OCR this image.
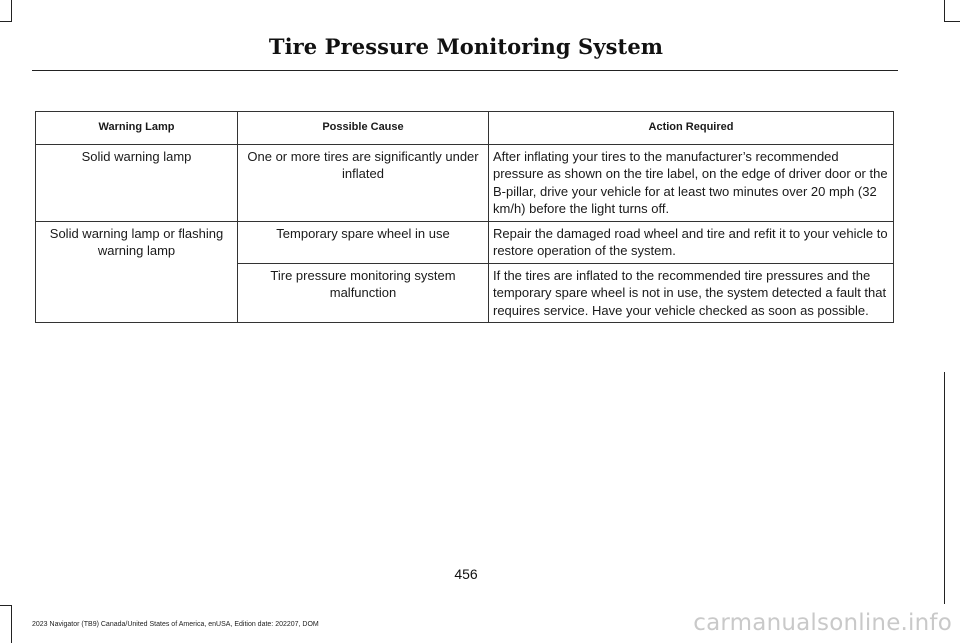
Tire Pressure Monitoring System
Warning Lamp	Possible Cause	Action Required
Solid warning lamp	One or more tires are significantly under inflated	After inflating your tires to the manufacturer’s recommended pressure as shown on the tire label, on the edge of driver door or the B-pillar, drive your vehicle for at least two minutes over 20 mph (32 km/h) before the light turns off.
Solid warning lamp or flashing warning lamp	Temporary spare wheel in use	Repair the damaged road wheel and tire and refit it to your vehicle to restore operation of the system.
	Tire pressure monitoring system malfunction	If the tires are inflated to the recommended tire pressures and the temporary spare wheel is not in use, the system detected a fault that requires service. Have your vehicle checked as soon as possible.
456
2023 Navigator (TB9) Canada/United States of America, enUSA, Edition date: 202207, DOM	carmanualsonline.info
